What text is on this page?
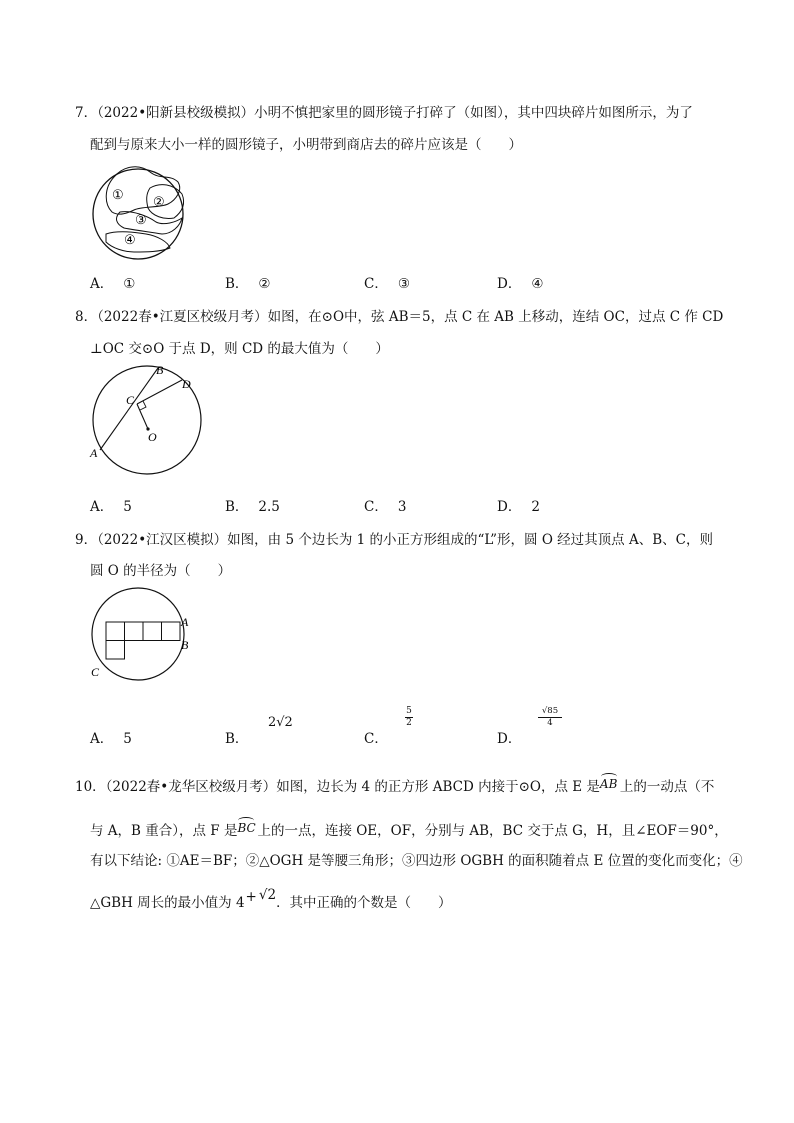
7．（2022•阳新县校级模拟）小明不慎把家里的圆形镜子打碎了（如图），其中四块碎片如图所示，为了
配到与原来大小一样的圆形镜子，小明带到商店去的碎片应该是（　　）
① ②
③
④
A． ①	B． ②	C． ③	D． ④
8．（2022春•江夏区校级月考）如图，在⊙O中，弦 AB＝5，点 C 在 AB 上移动，连结 OC，过点 C 作 CD
⊥OC 交⊙O 于点 D，则 CD 的最大值为（　　）
B
D
C
O
A
A． 5	B． 2.5	C． 3	D． 2
9．（2022•江汉区模拟）如图，由 5 个边长为 1 的小正方形组成的“L”形，圆 O 经过其顶点 A、B、C，则
圆 O 的半径为（　　）
A
B
C
A． 5	B．
2√2
C．
5
2
D．
√85
4
10．（2022春•龙华区校级月考）如图，边长为 4 的正方形 ABCD 内接于⊙O，点 E 是 AB 上的一动点（不
与 A，B 重合），点 F 是 BC 上的一点，连接 OE，OF，分别与 AB，BC 交于点 G，H，且∠EOF＝90°，
有以下结论: ①AE＝BF；②△OGH 是等腰三角形；③四边形 OGBH 的面积随着点 E 位置的变化而变化；④
△GBH 周长的最小值为 4+ √2．其中正确的个数是（　　）
